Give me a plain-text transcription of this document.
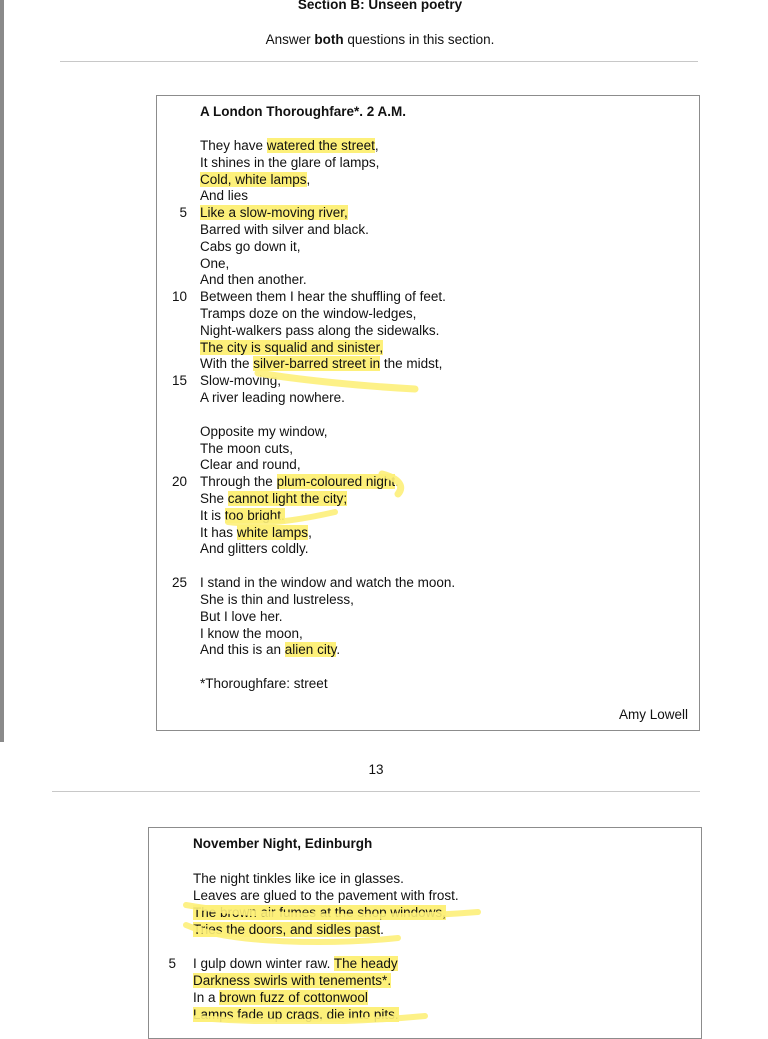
Section B: Unseen poetry
Answer both questions in this section.
A London Thoroughfare*. 2 A.M.
They have watered the street,
It shines in the glare of lamps,
Cold, white lamps,
And lies
Like a slow-moving river,
5
Barred with silver and black.
Cabs go down it,
One,
And then another.
Between them I hear the shuffling of feet.
10
Tramps doze on the window-ledges,
Night-walkers pass along the sidewalks.
The city is squalid and sinister,
With the silver-barred street in the midst,
Slow-moving,
15
A river leading nowhere.
Opposite my window,
The moon cuts,
Clear and round,
Through the plum-coloured night.
20
She cannot light the city;
It is too bright.
It has white lamps,
And glitters coldly.
I stand in the window and watch the moon.
25
She is thin and lustreless,
But I love her.
I know the moon,
And this is an alien city.
*Thoroughfare: street
Amy Lowell
13
November Night, Edinburgh
The night tinkles like ice in glasses.
Leaves are glued to the pavement with frost.
The brown air fumes at the shop windows,
Tries the doors, and sidles past.
I gulp down winter raw. The heady
5
Darkness swirls with tenements*.
In a brown fuzz of cottonwool
Lamps fade up crags, die into pits.
